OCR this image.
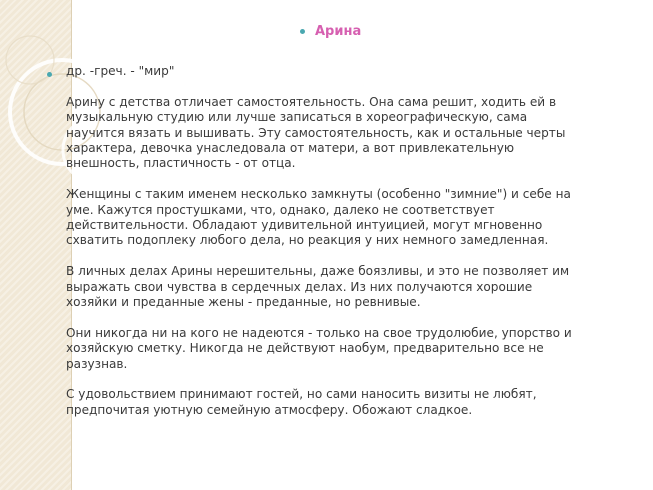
Арина

др. -греч. - "мир"

Арину с детства отличает самостоятельность. Она сама решит, ходить ей в
музыкальную студию или лучше записаться в хореографическую, сама
научится вязать и вышивать. Эту самостоятельность, как и остальные черты
характера, девочка унаследовала от матери, а вот привлекательную
внешность, пластичность - от отца.

Женщины с таким именем несколько замкнуты (особенно "зимние") и себе на
уме. Кажутся простушками, что, однако, далеко не соответствует
действительности. Обладают удивительной интуицией, могут мгновенно
схватить подоплеку любого дела, но реакция у них немного замедленная.

В личных делах Арины нерешительны, даже боязливы, и это не позволяет им
выражать свои чувства в сердечных делах. Из них получаются хорошие
хозяйки и преданные жены - преданные, но ревнивые.

Они никогда ни на кого не надеются - только на свое трудолюбие, упорство и
хозяйскую сметку. Никогда не действуют наобум, предварительно все не
разузнав.

С удовольствием принимают гостей, но сами наносить визиты не любят,
предпочитая уютную семейную атмосферу. Обожают сладкое.
